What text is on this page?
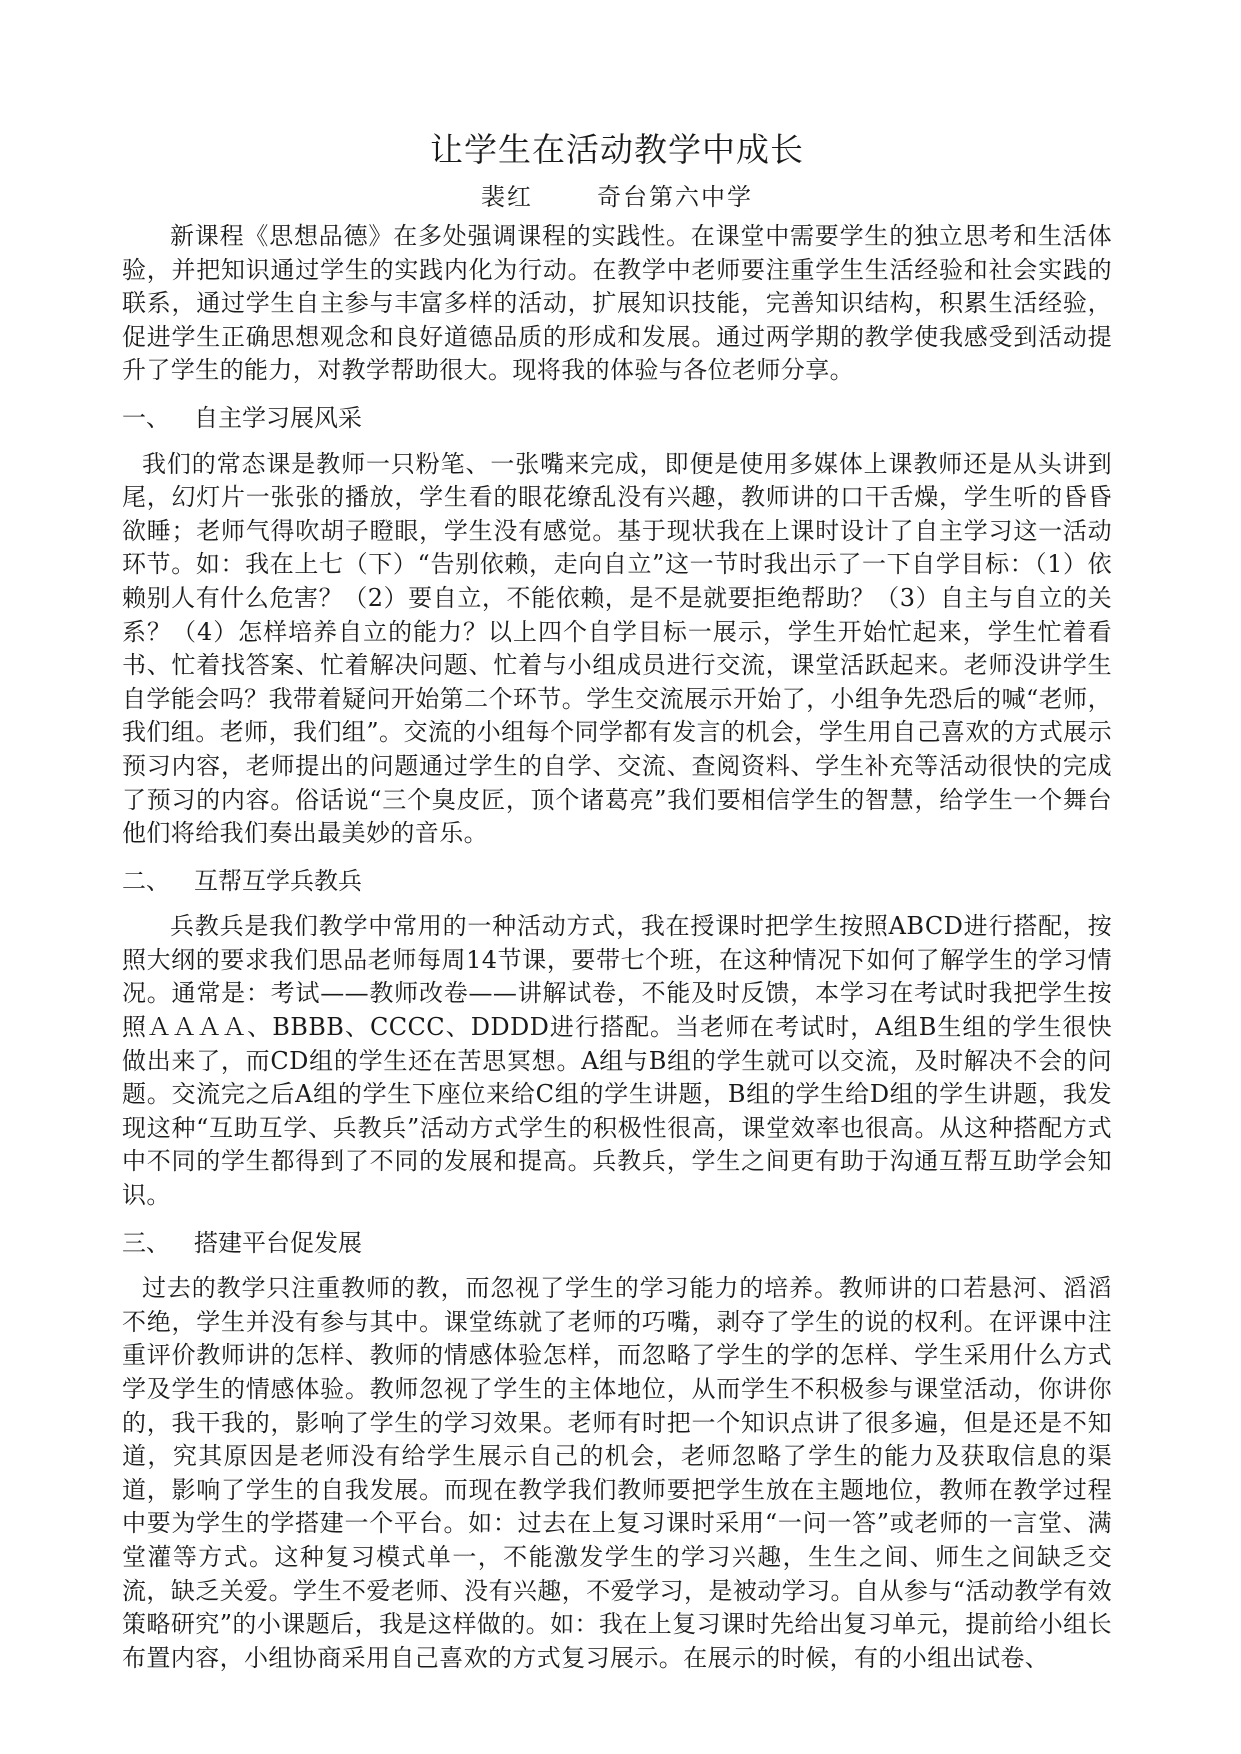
让学生在活动教学中成长
裴红	奇台第六中学

新课程《思想品德》在多处强调课程的实践性。在课堂中需要学生的独立思考和生活体验，并把知识通过学生的实践内化为行动。在教学中老师要注重学生生活经验和社会实践的联系，通过学生自主参与丰富多样的活动，扩展知识技能，完善知识结构，积累生活经验，促进学生正确思想观念和良好道德品质的形成和发展。通过两学期的教学使我感受到活动提升了学生的能力，对教学帮助很大。现将我的体验与各位老师分享。

一、	自主学习展风采

我们的常态课是教师一只粉笔、一张嘴来完成，即便是使用多媒体上课教师还是从头讲到尾，幻灯片一张张的播放，学生看的眼花缭乱没有兴趣，教师讲的口干舌燥，学生听的昏昏欲睡；老师气得吹胡子瞪眼，学生没有感觉。基于现状我在上课时设计了自主学习这一活动环节。如：我在上七（下）“告别依赖，走向自立”这一节时我出示了一下自学目标：（1）依赖别人有什么危害？（2）要自立，不能依赖，是不是就要拒绝帮助？（3）自主与自立的关系？（4）怎样培养自立的能力？以上四个自学目标一展示，学生开始忙起来，学生忙着看书、忙着找答案、忙着解决问题、忙着与小组成员进行交流，课堂活跃起来。老师没讲学生自学能会吗？我带着疑问开始第二个环节。学生交流展示开始了，小组争先恐后的喊“老师，我们组。老师，我们组”。交流的小组每个同学都有发言的机会，学生用自己喜欢的方式展示预习内容，老师提出的问题通过学生的自学、交流、查阅资料、学生补充等活动很快的完成了预习的内容。俗话说“三个臭皮匠，顶个诸葛亮”我们要相信学生的智慧，给学生一个舞台他们将给我们奏出最美妙的音乐。

二、	互帮互学兵教兵

兵教兵是我们教学中常用的一种活动方式，我在授课时把学生按照ABCD进行搭配，按照大纲的要求我们思品老师每周14节课，要带七个班，在这种情况下如何了解学生的学习情况。通常是：考试——教师改卷——讲解试卷，不能及时反馈，本学习在考试时我把学生按照ＡＡＡＡ、BBBB、CCCC、DDDD进行搭配。当老师在考试时，A组B生组的学生很快做出来了，而CD组的学生还在苦思冥想。A组与B组的学生就可以交流，及时解决不会的问题。交流完之后A组的学生下座位来给C组的学生讲题，B组的学生给D组的学生讲题，我发现这种“互助互学、兵教兵”活动方式学生的积极性很高，课堂效率也很高。从这种搭配方式中不同的学生都得到了不同的发展和提高。兵教兵，学生之间更有助于沟通互帮互助学会知识。

三、	搭建平台促发展

过去的教学只注重教师的教，而忽视了学生的学习能力的培养。教师讲的口若悬河、滔滔不绝，学生并没有参与其中。课堂练就了老师的巧嘴，剥夺了学生的说的权利。在评课中注重评价教师讲的怎样、教师的情感体验怎样，而忽略了学生的学的怎样、学生采用什么方式学及学生的情感体验。教师忽视了学生的主体地位，从而学生不积极参与课堂活动，你讲你的，我干我的，影响了学生的学习效果。老师有时把一个知识点讲了很多遍，但是还是不知道，究其原因是老师没有给学生展示自己的机会，老师忽略了学生的能力及获取信息的渠道，影响了学生的自我发展。而现在教学我们教师要把学生放在主题地位，教师在教学过程中要为学生的学搭建一个平台。如：过去在上复习课时采用“一问一答”或老师的一言堂、满堂灌等方式。这种复习模式单一，不能激发学生的学习兴趣，生生之间、师生之间缺乏交流，缺乏关爱。学生不爱老师、没有兴趣，不爱学习，是被动学习。自从参与“活动教学有效策略研究”的小课题后，我是这样做的。如：我在上复习课时先给出复习单元，提前给小组长布置内容，小组协商采用自己喜欢的方式复习展示。在展示的时候，有的小组出试卷、
